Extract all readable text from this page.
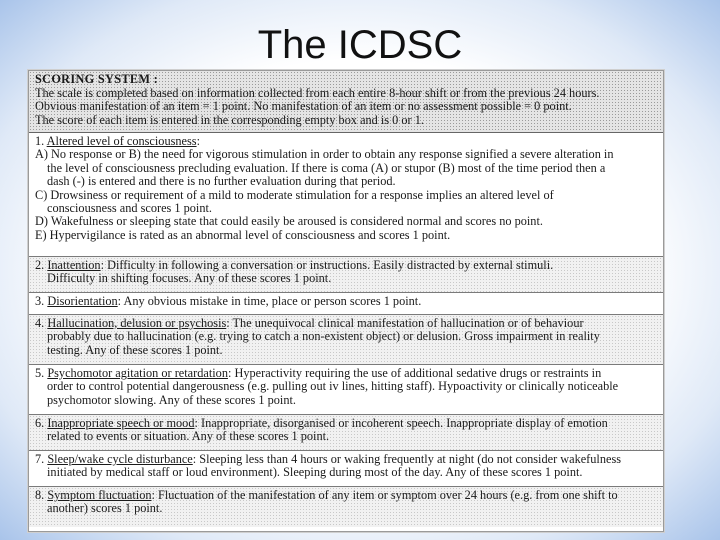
The ICDSC
SCORING SYSTEM :
The scale is completed based on information collected from each entire 8-hour shift or from the previous 24 hours.
Obvious manifestation of an item = 1 point. No manifestation of an item or no assessment possible = 0 point.
The score of each item is entered in the corresponding empty box and is 0 or 1.
1. Altered level of consciousness:
A) No response or B) the need for vigorous stimulation in order to obtain any response signified a severe alteration in
the level of consciousness precluding evaluation. If there is coma (A) or stupor (B) most of the time period then a
dash (-) is entered and there is no further evaluation during that period.
C) Drowsiness or requirement of a mild to moderate stimulation for a response implies an altered level of
consciousness and scores 1 point.
D) Wakefulness or sleeping state that could easily be aroused is considered normal and scores no point.
E) Hypervigilance is rated as an abnormal level of consciousness and scores 1 point.
2. Inattention: Difficulty in following a conversation or instructions. Easily distracted by external stimuli.
Difficulty in shifting focuses. Any of these scores 1 point.
3. Disorientation: Any obvious mistake in time, place or person scores 1 point.
4. Hallucination, delusion or psychosis: The unequivocal clinical manifestation of hallucination or of behaviour
probably due to hallucination (e.g. trying to catch a non-existent object) or delusion. Gross impairment in reality
testing. Any of these scores 1 point.
5. Psychomotor agitation or retardation: Hyperactivity requiring the use of additional sedative drugs or restraints in
order to control potential dangerousness (e.g. pulling out iv lines, hitting staff). Hypoactivity or clinically noticeable
psychomotor slowing. Any of these scores 1 point.
6. Inappropriate speech or mood: Inappropriate, disorganised or incoherent speech. Inappropriate display of emotion
related to events or situation. Any of these scores 1 point.
7. Sleep/wake cycle disturbance: Sleeping less than 4 hours or waking frequently at night (do not consider wakefulness
initiated by medical staff or loud environment). Sleeping during most of the day. Any of these scores 1 point.
8. Symptom fluctuation: Fluctuation of the manifestation of any item or symptom over 24 hours (e.g. from one shift to
another) scores 1 point.
